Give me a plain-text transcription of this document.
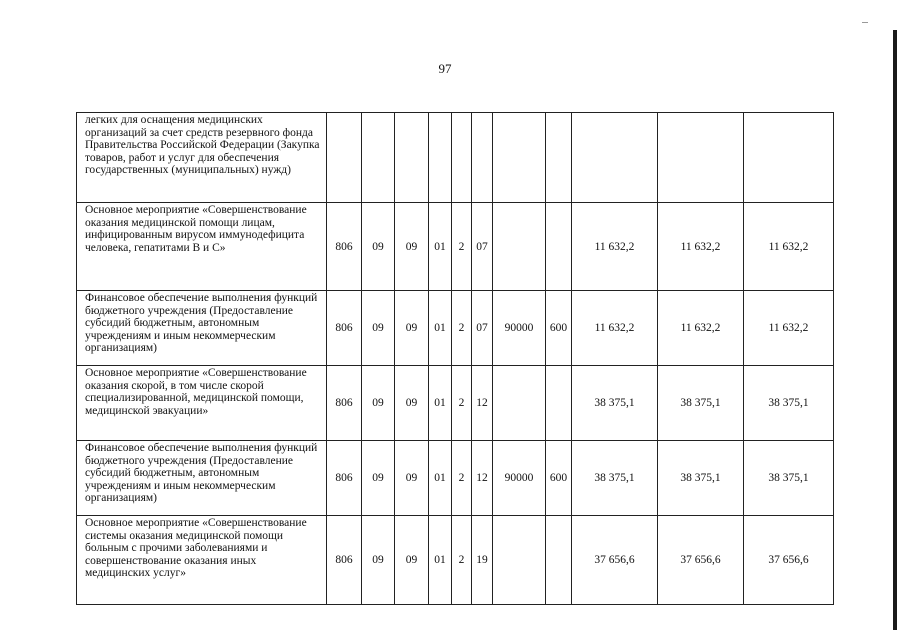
97
легких для оснащения медицинских организаций за счет средств резервного фонда Правительства Российской Федерации (Закупка товаров, работ и услуг для обеспечения государственных (муниципальных) нужд)											
Основное мероприятие «Совершенствование оказания медицинской помощи лицам, инфицированным вирусом иммунодефицита человека, гепатитами В и С»	806	09	09	01	2	07			11 632,2	11 632,2	11 632,2
Финансовое обеспечение выполнения функций бюджетного учреждения (Предоставление субсидий бюджетным, автономным учреждениям и иным некоммерческим организациям)	806	09	09	01	2	07	90000	600	11 632,2	11 632,2	11 632,2
Основное мероприятие «Совершенствование оказания скорой, в том числе скорой специализированной, медицинской помощи, медицинской эвакуации»	806	09	09	01	2	12			38 375,1	38 375,1	38 375,1
Финансовое обеспечение выполнения функций бюджетного учреждения (Предоставление субсидий бюджетным, автономным учреждениям и иным некоммерческим организациям)	806	09	09	01	2	12	90000	600	38 375,1	38 375,1	38 375,1
Основное мероприятие «Совершенствование системы оказания медицинской помощи больным с прочими заболеваниями и совершенствование оказания иных медицинских услуг»	806	09	09	01	2	19			37 656,6	37 656,6	37 656,6
